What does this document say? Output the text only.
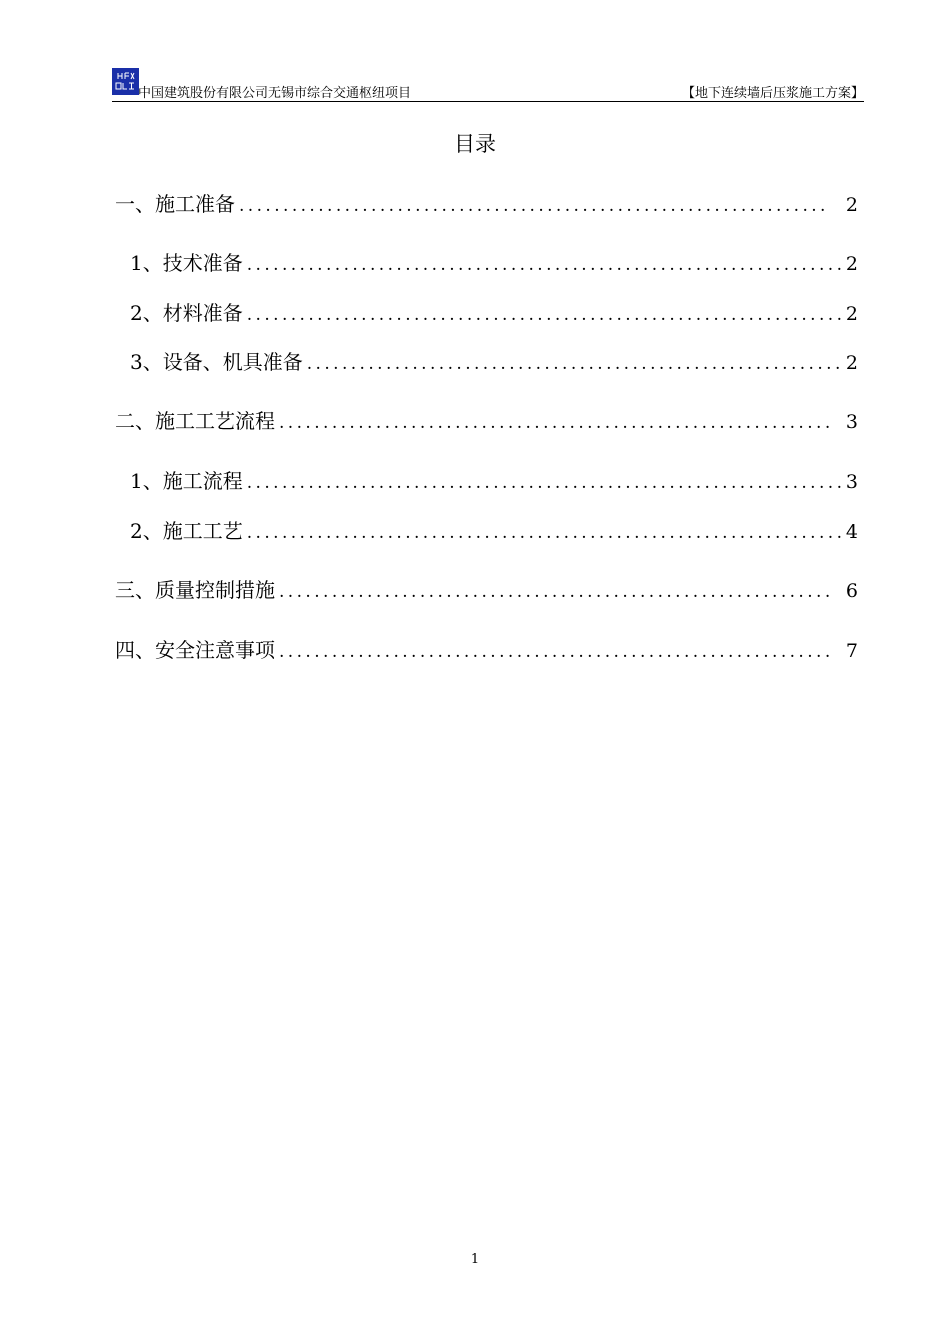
中国建筑股份有限公司无锡市综合交通枢纽项目	【地下连续墙后压浆施工方案】
目录
一、施工准备 .....	2
1、技术准备 .....	2
2、材料准备 .....	2
3、设备、机具准备 .....	2
二、施工工艺流程 .....	3
1、施工流程 .....	3
2、施工工艺 .....	4
三、质量控制措施 .....	6
四、安全注意事项 .....	7
1
